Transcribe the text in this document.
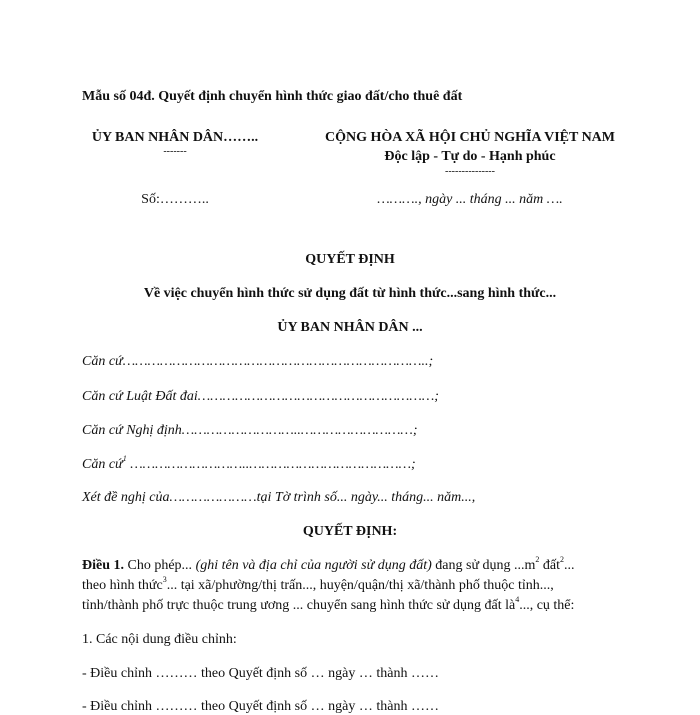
Mẫu số 04đ. Quyết định chuyển hình thức giao đất/cho thuê đất
ỦY BAN NHÂN DÂN……..
-------
CỘNG HÒA XÃ HỘI CHỦ NGHĨA VIỆT NAM
Độc lập - Tự do - Hạnh phúc
---------------
Số:………..	………., ngày ... tháng ... năm ….
QUYẾT ĐỊNH
Về việc chuyển hình thức sử dụng đất từ hình thức...sang hình thức...
ỦY BAN NHÂN DÂN ...
Căn cứ………………………………………………………………..;
Căn cứ Luật Đất đai…………………………………………………;
Căn cứ Nghị định………………………..………………………;
Căn cứ$^1$ ………………………..…………………………………;
Xét đề nghị của…………………tại Tờ trình số... ngày... tháng... năm...,
QUYẾT ĐỊNH:
Điều 1. Cho phép... (ghi tên và địa chỉ của người sử dụng đất) đang sử dụng $...m^2$ đất$^2$...
theo hình thức$^3$... tại xã/phường/thị trấn..., huyện/quận/thị xã/thành phố thuộc tỉnh...,
tỉnh/thành phố trực thuộc trung ương ... chuyển sang hình thức sử dụng đất $là^4$..., cụ thể:
1. Các nội dung điều chỉnh:
- Điều chỉnh ……… theo Quyết định số … ngày … thành ……
- Điều chỉnh ……… theo Quyết định số … ngày … thành ……
